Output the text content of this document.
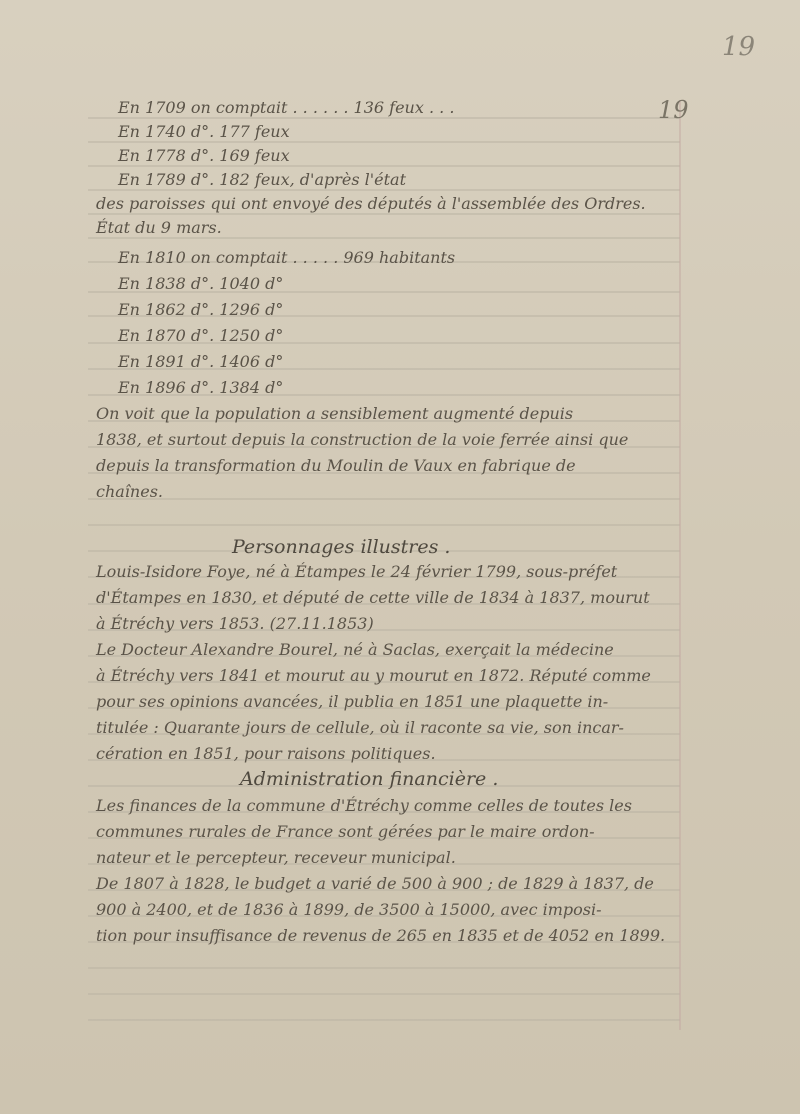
19
19
En 1709 on comptait . . . . . . 136 feux . . .
En 1740 d°. 177 feux
En 1778 d°. 169 feux
En 1789 d°. 182 feux, d'après l'état
des paroisses qui ont envoyé des députés à l'assemblée des Ordres.
État du 9 mars.
En 1810 on comptait . . . . . 969 habitants
En 1838 d°. 1040 d°
En 1862 d°. 1296 d°
En 1870 d°. 1250 d°
En 1891 d°. 1406 d°
En 1896 d°. 1384 d°
On voit que la population a sensiblement augmenté depuis
1838, et surtout depuis la construction de la voie ferrée ainsi que
depuis la transformation du Moulin de Vaux en fabrique de
chaînes.
Personnages illustres .
Louis-Isidore Foye, né à Étampes le 24 février 1799, sous-préfet
d'Étampes en 1830, et député de cette ville de 1834 à 1837, mourut
à Étréchy vers 1853. (27.11.1853)
Le Docteur Alexandre Bourel, né à Saclas, exerçait la médecine
à Étréchy vers 1841 et mourut au y mourut en 1872. Réputé comme
pour ses opinions avancées, il publia en 1851 une plaquette in-
titulée : Quarante jours de cellule, où il raconte sa vie, son incar-
cération en 1851, pour raisons politiques.
Administration financière .
Les finances de la commune d'Étréchy comme celles de toutes les
communes rurales de France sont gérées par le maire ordon-
nateur et le percepteur, receveur municipal.
De 1807 à 1828, le budget a varié de 500 à 900 ; de 1829 à 1837, de
900 à 2400, et de 1836 à 1899, de 3500 à 15000, avec imposi-
tion pour insuffisance de revenus de 265 en 1835 et de 4052 en 1899.
